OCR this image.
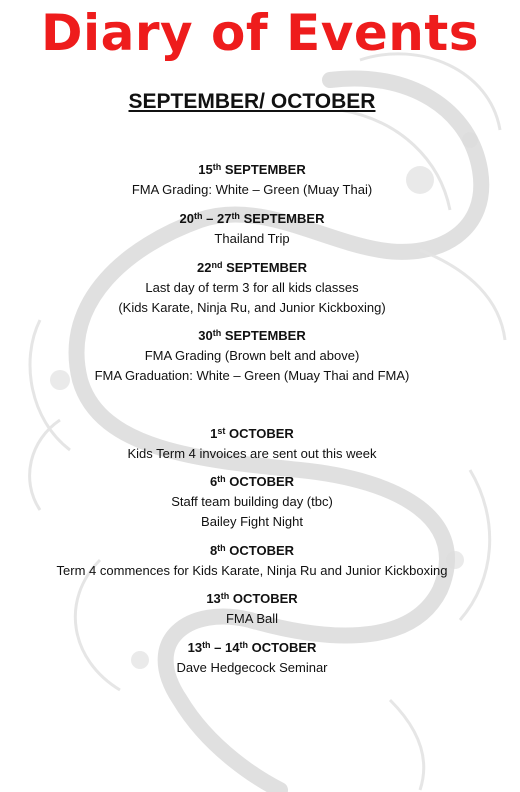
Diary of Events
SEPTEMBER/ OCTOBER
15th SEPTEMBER
FMA Grading: White – Green (Muay Thai)
20th – 27th SEPTEMBER
Thailand Trip
22nd SEPTEMBER
Last day of term 3 for all kids classes
(Kids Karate, Ninja Ru, and Junior Kickboxing)
30th SEPTEMBER
FMA Grading (Brown belt and above)
FMA Graduation: White – Green (Muay Thai and FMA)
1st OCTOBER
Kids Term 4 invoices are sent out this week
6th OCTOBER
Staff team building day (tbc)
Bailey Fight Night
8th OCTOBER
Term 4 commences for Kids Karate, Ninja Ru and Junior Kickboxing
13th OCTOBER
FMA Ball
13th – 14th OCTOBER
Dave Hedgecock Seminar
